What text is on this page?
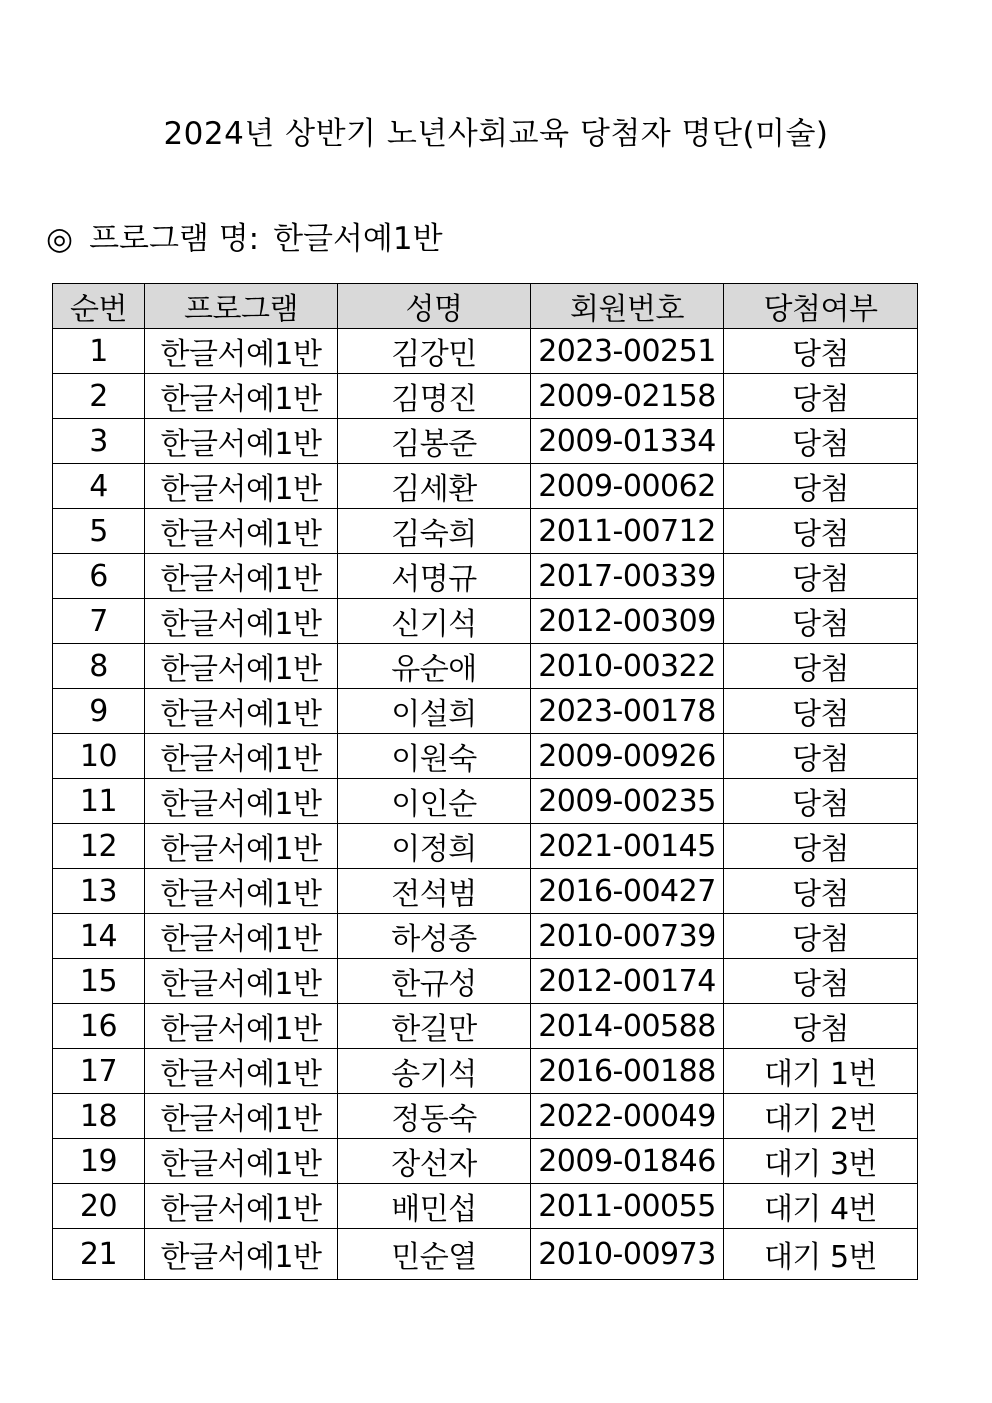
2024년 상반기 노년사회교육 당첨자 명단(미술)
◎ 프로그램 명: 한글서예1반
순번	프로그램	성명	회원번호	당첨여부
1	한글서예1반	김강민	2023-00251	당첨
2	한글서예1반	김명진	2009-02158	당첨
3	한글서예1반	김봉준	2009-01334	당첨
4	한글서예1반	김세환	2009-00062	당첨
5	한글서예1반	김숙희	2011-00712	당첨
6	한글서예1반	서명규	2017-00339	당첨
7	한글서예1반	신기석	2012-00309	당첨
8	한글서예1반	유순애	2010-00322	당첨
9	한글서예1반	이설희	2023-00178	당첨
10	한글서예1반	이원숙	2009-00926	당첨
11	한글서예1반	이인순	2009-00235	당첨
12	한글서예1반	이정희	2021-00145	당첨
13	한글서예1반	전석범	2016-00427	당첨
14	한글서예1반	하성종	2010-00739	당첨
15	한글서예1반	한규성	2012-00174	당첨
16	한글서예1반	한길만	2014-00588	당첨
17	한글서예1반	송기석	2016-00188	대기 1번
18	한글서예1반	정동숙	2022-00049	대기 2번
19	한글서예1반	장선자	2009-01846	대기 3번
20	한글서예1반	배민섭	2011-00055	대기 4번
21	한글서예1반	민순열	2010-00973	대기 5번
